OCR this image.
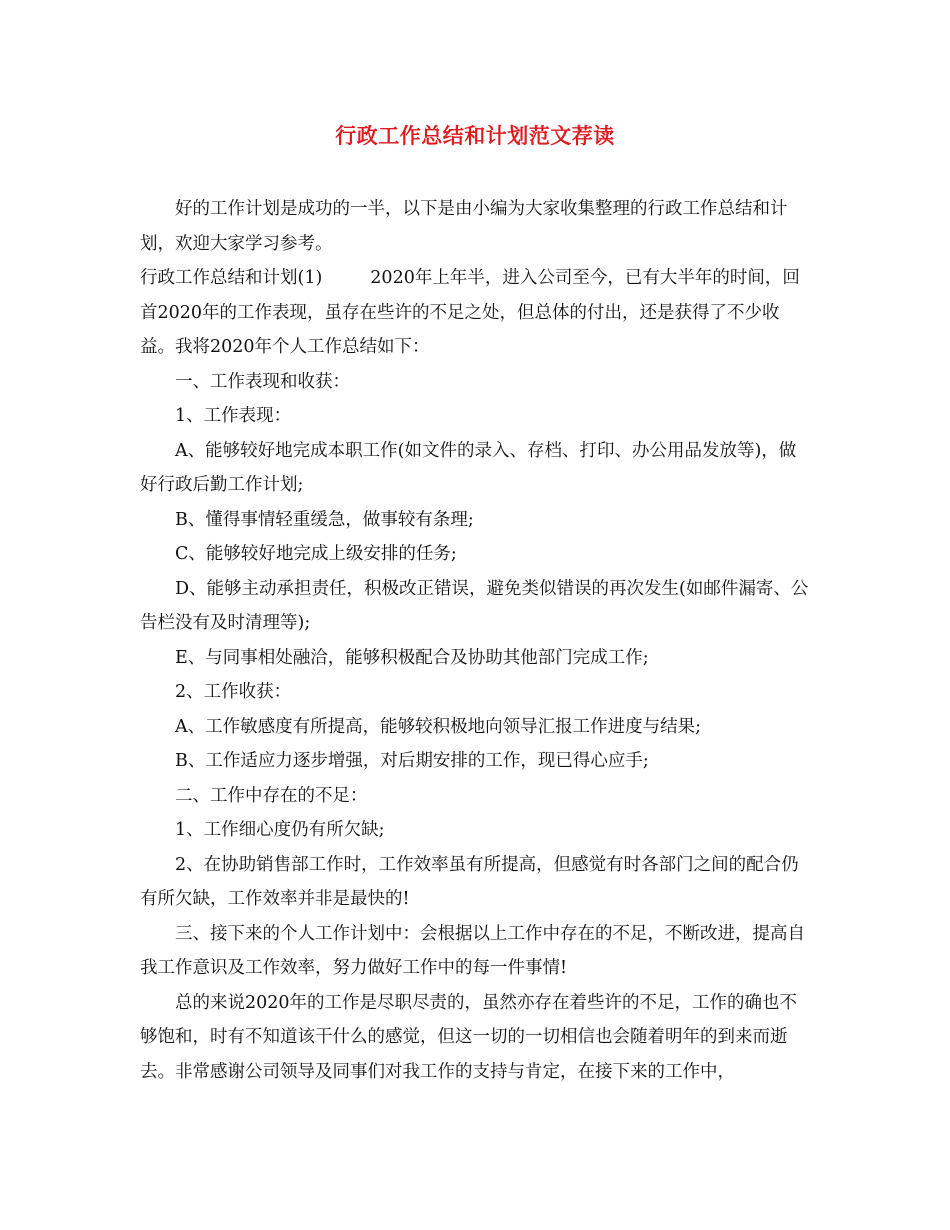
行政工作总结和计划范文荐读

好的工作计划是成功的一半，以下是由小编为大家收集整理的行政工作总结和计划，欢迎大家学习参考。

行政工作总结和计划(1)	2020年上年半，进入公司至今，已有大半年的时间，回首2020年的工作表现，虽存在些许的不足之处，但总体的付出，还是获得了不少收益。我将2020年个人工作总结如下：

一、工作表现和收获：

1、工作表现：

A、能够较好地完成本职工作(如文件的录入、存档、打印、办公用品发放等)，做好行政后勤工作计划;

B、懂得事情轻重缓急，做事较有条理;

C、能够较好地完成上级安排的任务;

D、能够主动承担责任，积极改正错误，避免类似错误的再次发生(如邮件漏寄、公告栏没有及时清理等);

E、与同事相处融洽，能够积极配合及协助其他部门完成工作;

2、工作收获：

A、工作敏感度有所提高，能够较积极地向领导汇报工作进度与结果;

B、工作适应力逐步增强，对后期安排的工作，现已得心应手;

二、工作中存在的不足：

1、工作细心度仍有所欠缺;

2、在协助销售部工作时，工作效率虽有所提高，但感觉有时各部门之间的配合仍有所欠缺，工作效率并非是最快的!

三、接下来的个人工作计划中：会根据以上工作中存在的不足，不断改进，提高自我工作意识及工作效率，努力做好工作中的每一件事情!

总的来说2020年的工作是尽职尽责的，虽然亦存在着些许的不足，工作的确也不够饱和，时有不知道该干什么的感觉，但这一切的一切相信也会随着明年的到来而逝去。非常感谢公司领导及同事们对我工作的支持与肯定，在接下来的工作中，
